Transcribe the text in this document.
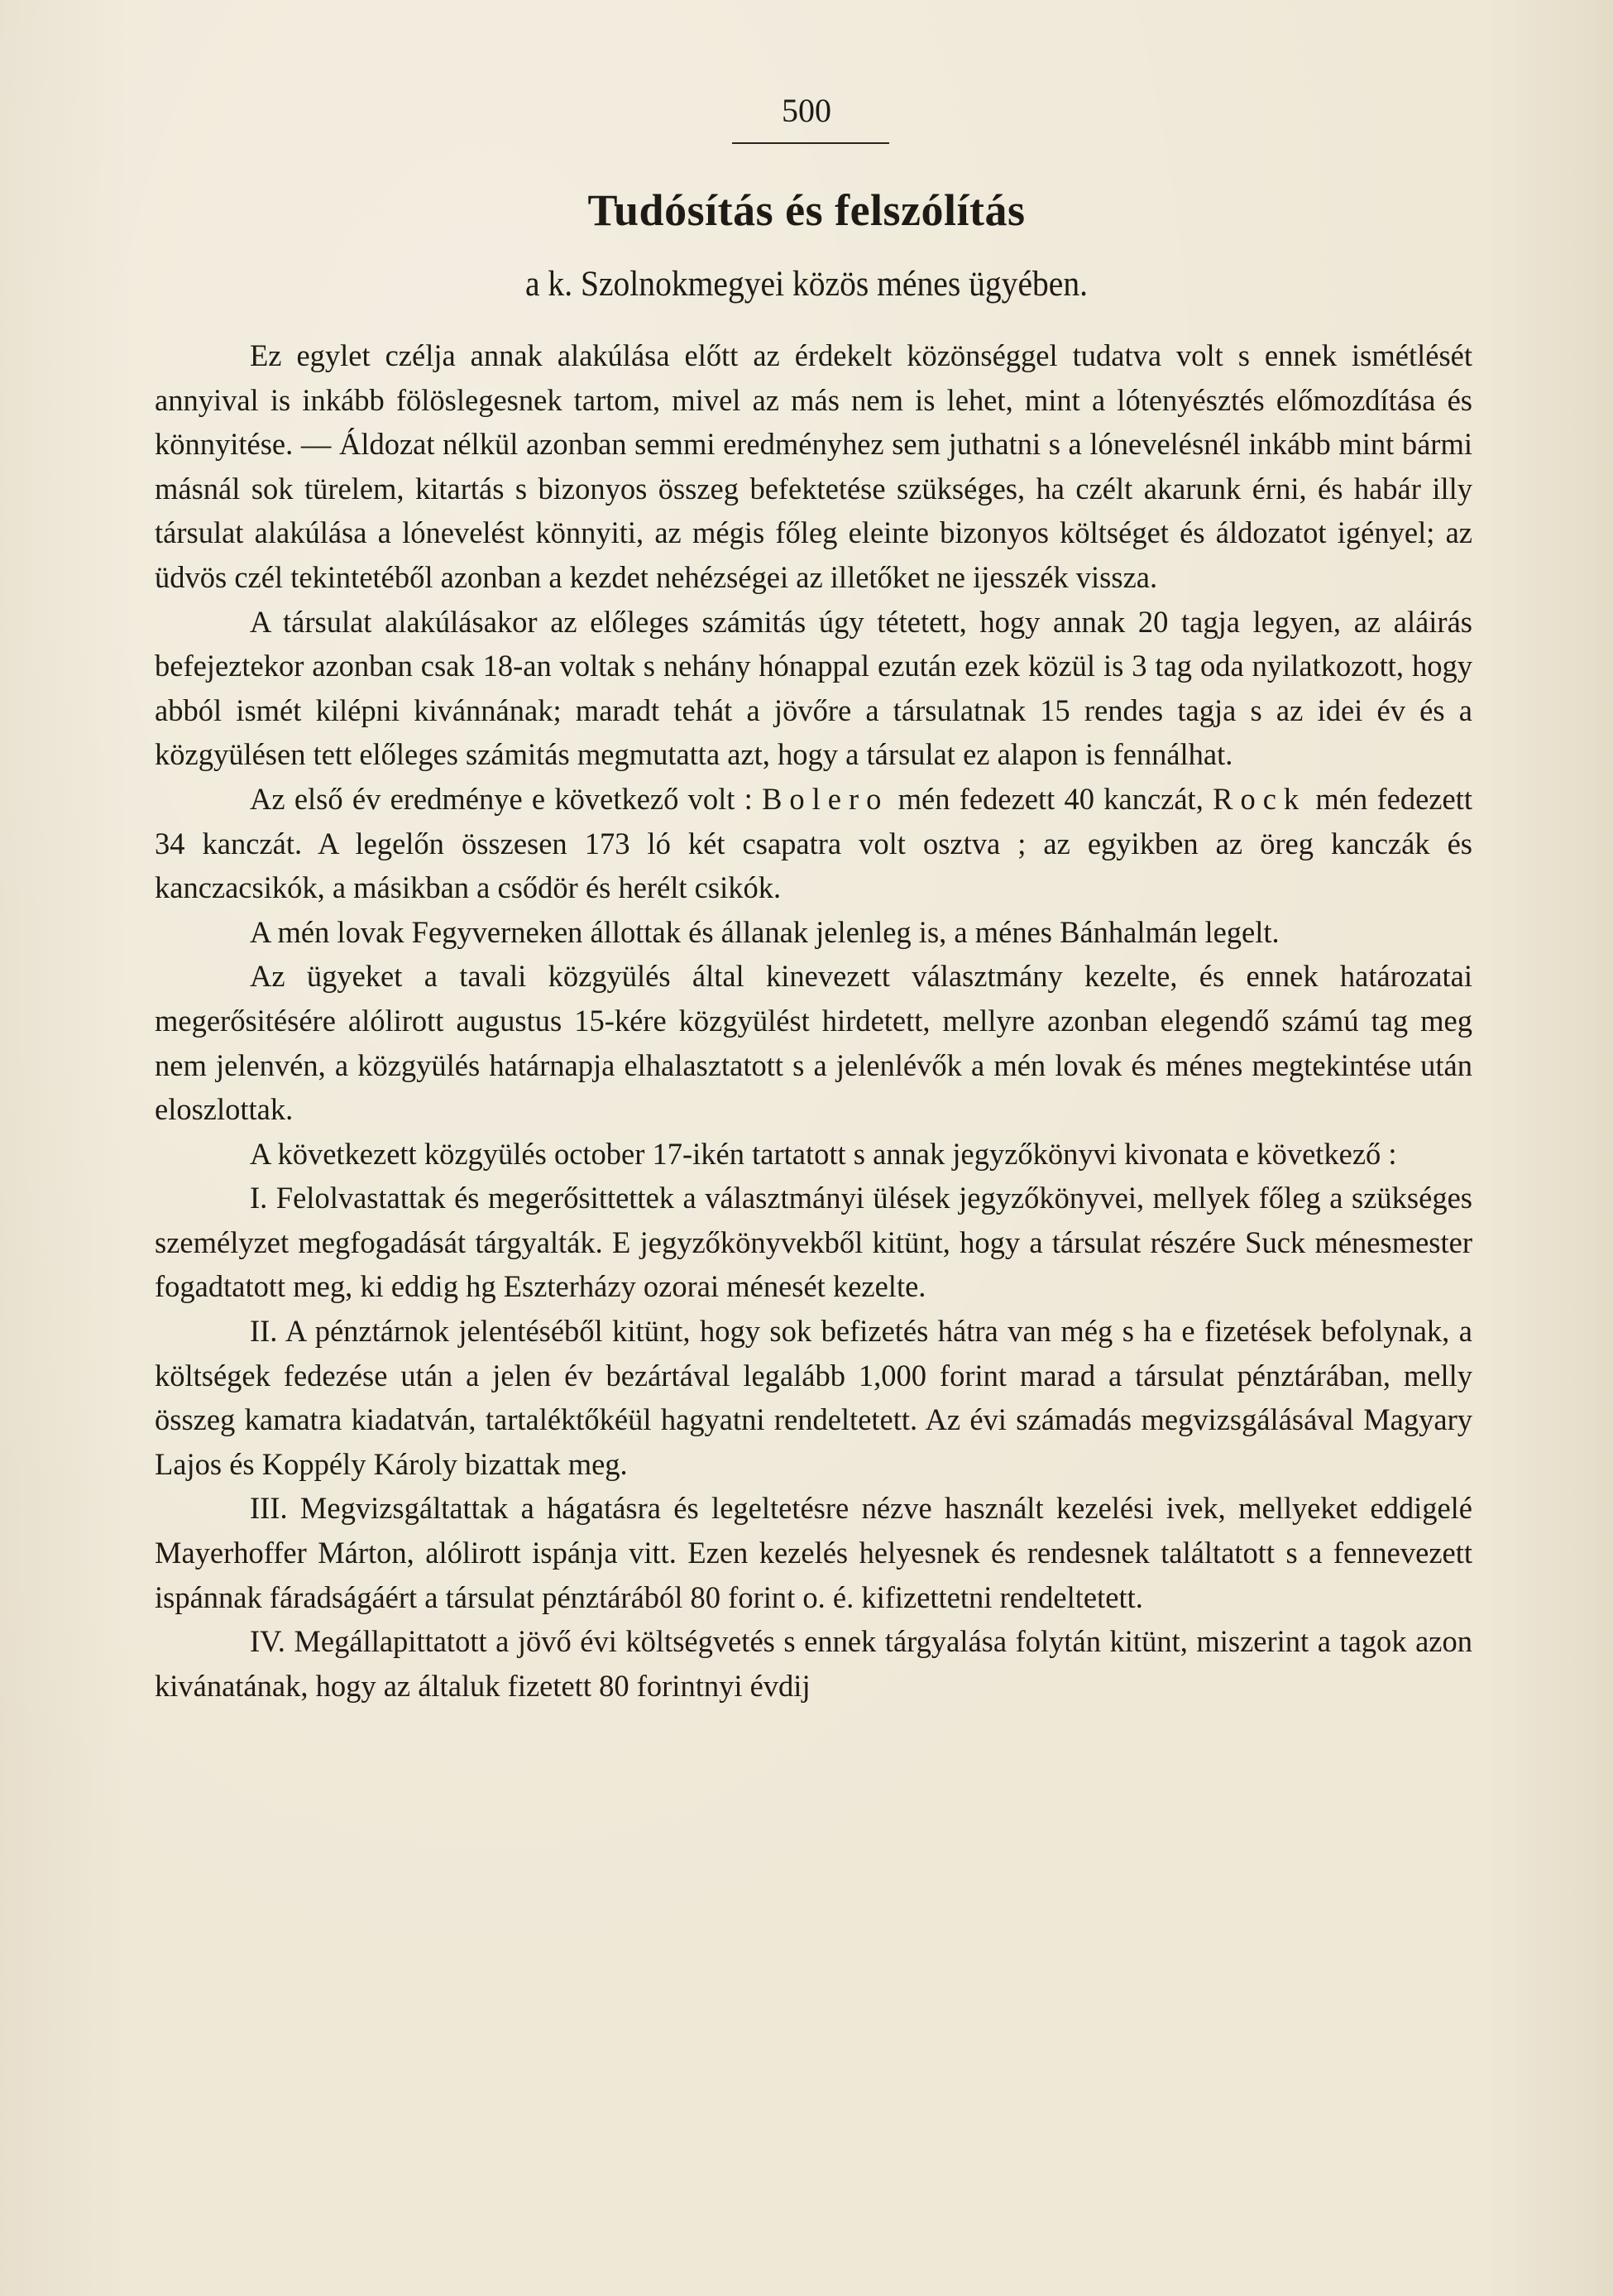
500
Tudósítás és felszólítás
a k. Szolnokmegyei közös ménes ügyében.

Ez egylet czélja annak alakúlása előtt az érdekelt közönséggel tudatva volt s ennek ismétlését annyival is inkább fölöslegesnek tartom, mivel az más nem is lehet, mint a lótenyésztés előmozdítása és könnyitése. — Áldozat nélkül azonban semmi eredményhez sem juthatni s a lónevelésnél inkább mint bármi másnál sok türelem, kitartás s bizonyos összeg befektetése szükséges, ha czélt akarunk érni, és habár illy társulat alakúlása a lónevelést könnyiti, az mégis főleg eleinte bizonyos költséget és áldozatot igényel; az üdvös czél tekintetéből azonban a kezdet nehézségei az illetőket ne ijesszék vissza.

A társulat alakúlásakor az előleges számitás úgy tétetett, hogy annak 20 tagja legyen, az aláirás befejeztekor azonban csak 18-an voltak s nehány hónappal ezután ezek közül is 3 tag oda nyilatkozott, hogy abból ismét kilépni kivánnának; maradt tehát a jövőre a társulatnak 15 rendes tagja s az idei év és a közgyülésen tett előleges számitás megmutatta azt, hogy a társulat ez alapon is fennálhat.

Az első év eredménye e következő volt : Bolero mén fedezett 40 kanczát, Rock mén fedezett 34 kanczát. A legelőn összesen 173 ló két csapatra volt osztva ; az egyikben az öreg kanczák és kanczacsikók, a másikban a csődör és herélt csikók.

A mén lovak Fegyverneken állottak és állanak jelenleg is, a ménes Bánhalmán legelt.

Az ügyeket a tavali közgyülés által kinevezett választmány kezelte, és ennek határozatai megerősitésére alólirott augustus 15-kére közgyülést hirdetett, mellyre azonban elegendő számú tag meg nem jelenvén, a közgyülés határnapja elhalasztatott s a jelenlévők a mén lovak és ménes megtekintése után eloszlottak.

A következett közgyülés october 17-ikén tartatott s annak jegyzőkönyvi kivonata e következő :

I. Felolvastattak és megerősittettek a választmányi ülések jegyzőkönyvei, mellyek főleg a szükséges személyzet megfogadását tárgyalták. E jegyzőkönyvekből kitünt, hogy a társulat részére Suck ménesmester fogadtatott meg, ki eddig hg Eszterházy ozorai ménesét kezelte.

II. A pénztárnok jelentéséből kitünt, hogy sok befizetés hátra van még s ha e fizetések befolynak, a költségek fedezése után a jelen év bezártával legalább 1,000 forint marad a társulat pénztárában, melly összeg kamatra kiadatván, tartaléktőkéül hagyatni rendeltetett. Az évi számadás megvizsgálásával Magyary Lajos és Koppély Károly bizattak meg.

III. Megvizsgáltattak a hágatásra és legeltetésre nézve használt kezelési ivek, mellyeket eddigelé Mayerhoffer Márton, alólirott ispánja vitt. Ezen kezelés helyesnek és rendesnek találtatott s a fennevezett ispánnak fáradságáért a társulat pénztárából 80 forint o. é. kifizettetni rendeltetett.

IV. Megállapittatott a jövő évi költségvetés s ennek tárgyalása folytán kitünt, miszerint a tagok azon kivánatának, hogy az általuk fizetett 80 forintnyi évdij
